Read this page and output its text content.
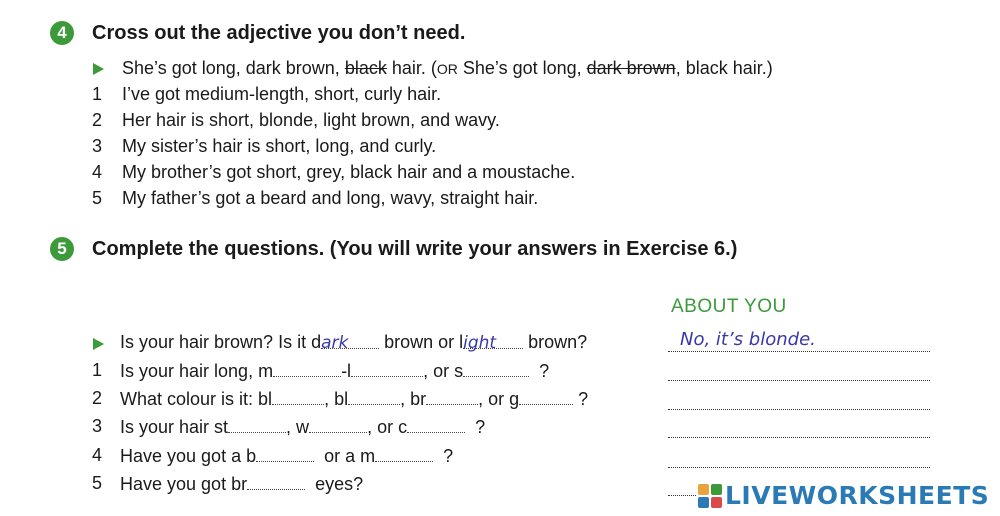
4	Cross out the adjective you don’t need.
She’s got long, dark brown, black hair. (OR She’s got long, dark brown, black hair.)
1	I’ve got medium-length, short, curly hair.
2	Her hair is short, blonde, light brown, and wavy.
3	My sister’s hair is short, long, and curly.
4	My brother’s got short, grey, black hair and a moustache.
5	My father’s got a beard and long, wavy, straight hair.
5	Complete the questions. (You will write your answers in Exercise 6.)
ABOUT YOU
Is your hair brown? Is it dark brown or light brown?	No, it’s blonde.
1 Is your hair long, m	-l	, or s	?
2 What colour is it: bl	, bl	, br	, or g	?
3 Is your hair st	, w	, or c	?
4 Have you got a b	or a m	?
5 Have you got br	eyes?	LIVEWORKSHEETS
